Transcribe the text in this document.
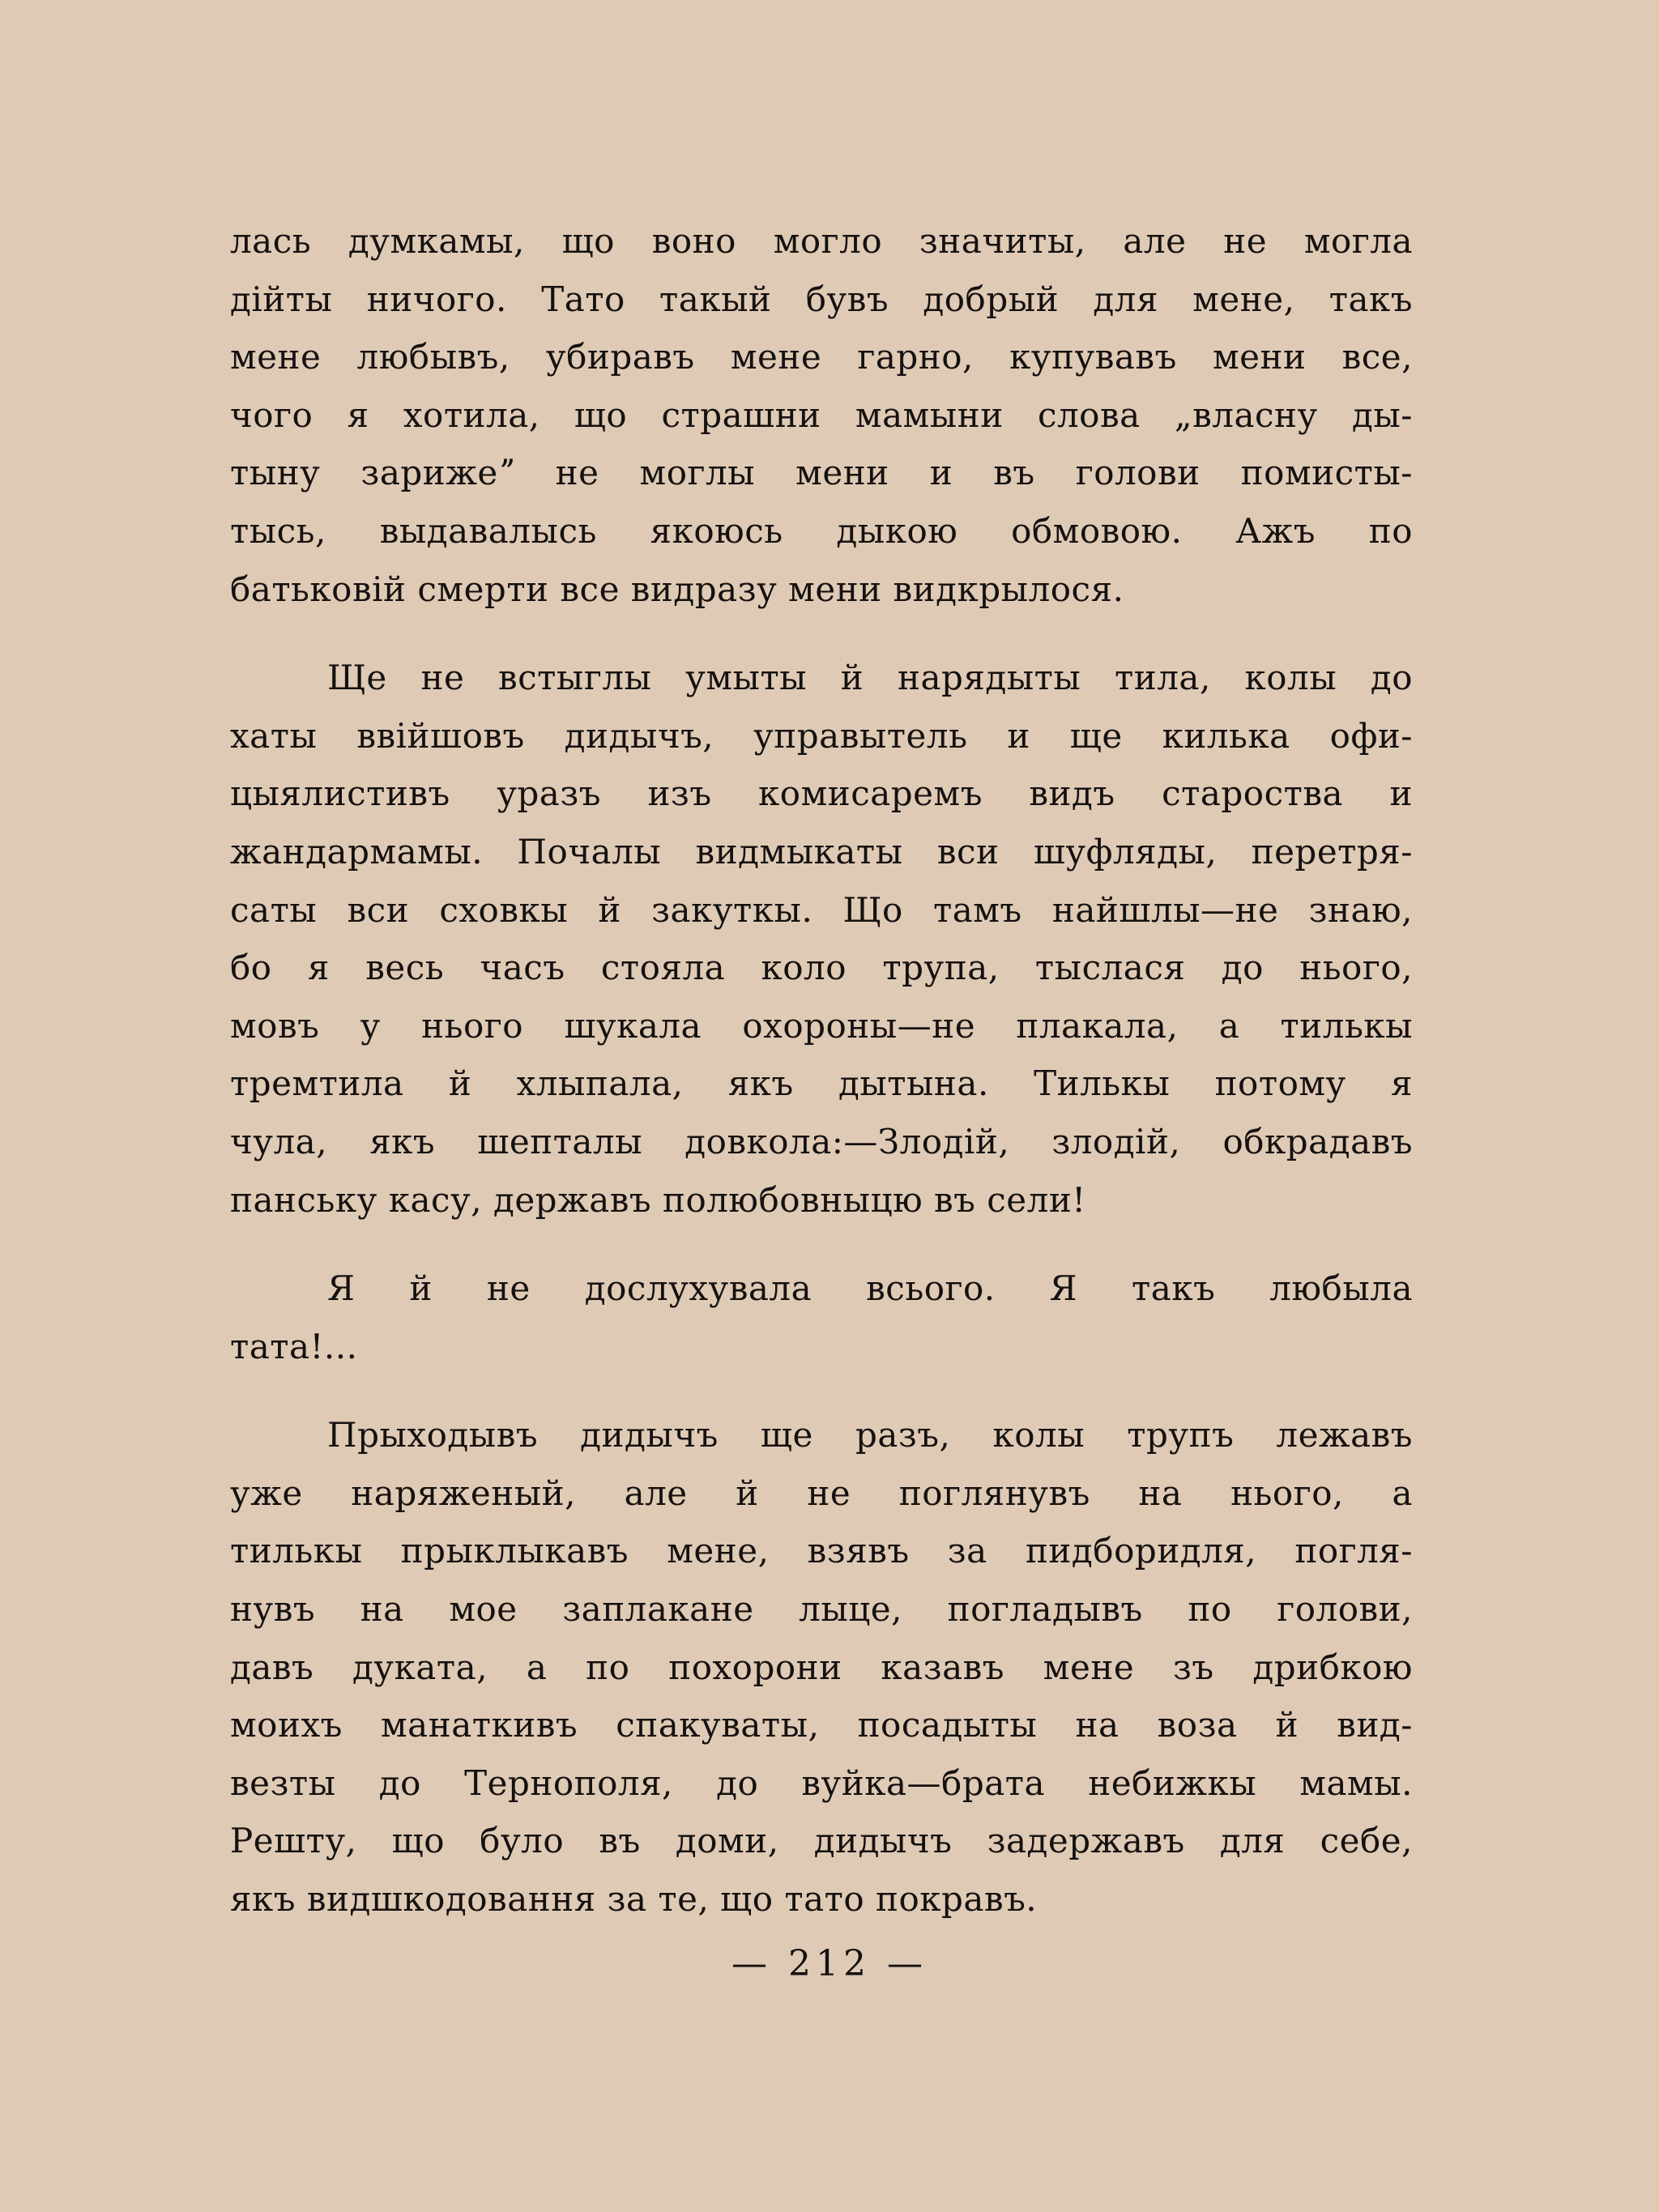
лась думкамы, що воно могло значиты, але не могла
дійты ничого. Тато такый бувъ добрый для мене, такъ
мене любывъ, убиравъ мене гарно, купувавъ мени все,
чого я хотила, що страшни мамыни слова „власну ды-
тыну зарижеˮ не моглы мени и въ голови помисты-
тысь, выдавалысь якоюсь дыкою обмовою. Ажъ по
батьковій смерти все видразу мени видкрылося.
Ще не встыглы умыты й нарядыты тила, колы до
хаты ввійшовъ дидычъ, управытель и ще килька офи-
цыялистивъ уразъ изъ комисаремъ видъ староства и
жандармамы. Почалы видмыкаты вси шуфляды, перетря-
саты вси сховкы й закуткы. Що тамъ найшлы—не знаю,
бо я весь часъ стояла коло трупа, тыслася до нього,
мовъ у нього шукала охороны—не плакала, а тилькы
тремтила й хлыпала, якъ дытына. Тилькы потому я
чула, якъ шепталы довкола:—Злодій, злодій, обкрадавъ
панську касу, державъ полюбовныцю въ сели!
Я й не дослухувала всього. Я такъ любыла
тата!...
Прыходывъ дидычъ ще разъ, колы трупъ лежавъ
уже наряженый, але й не поглянувъ на нього, а
тилькы прыклыкавъ мене, взявъ за пидборидля, погля-
нувъ на мое заплакане лыце, погладывъ по голови,
давъ дуката, а по похорони казавъ мене зъ дрибкою
моихъ манаткивъ спакуваты, посадыты на воза й вид-
везты до Тернополя, до вуйка—брата небижкы мамы.
Решту, що було въ доми, дидычъ задержавъ для себе,
якъ видшкодовання за те, що тато покравъ.
— 212 —
